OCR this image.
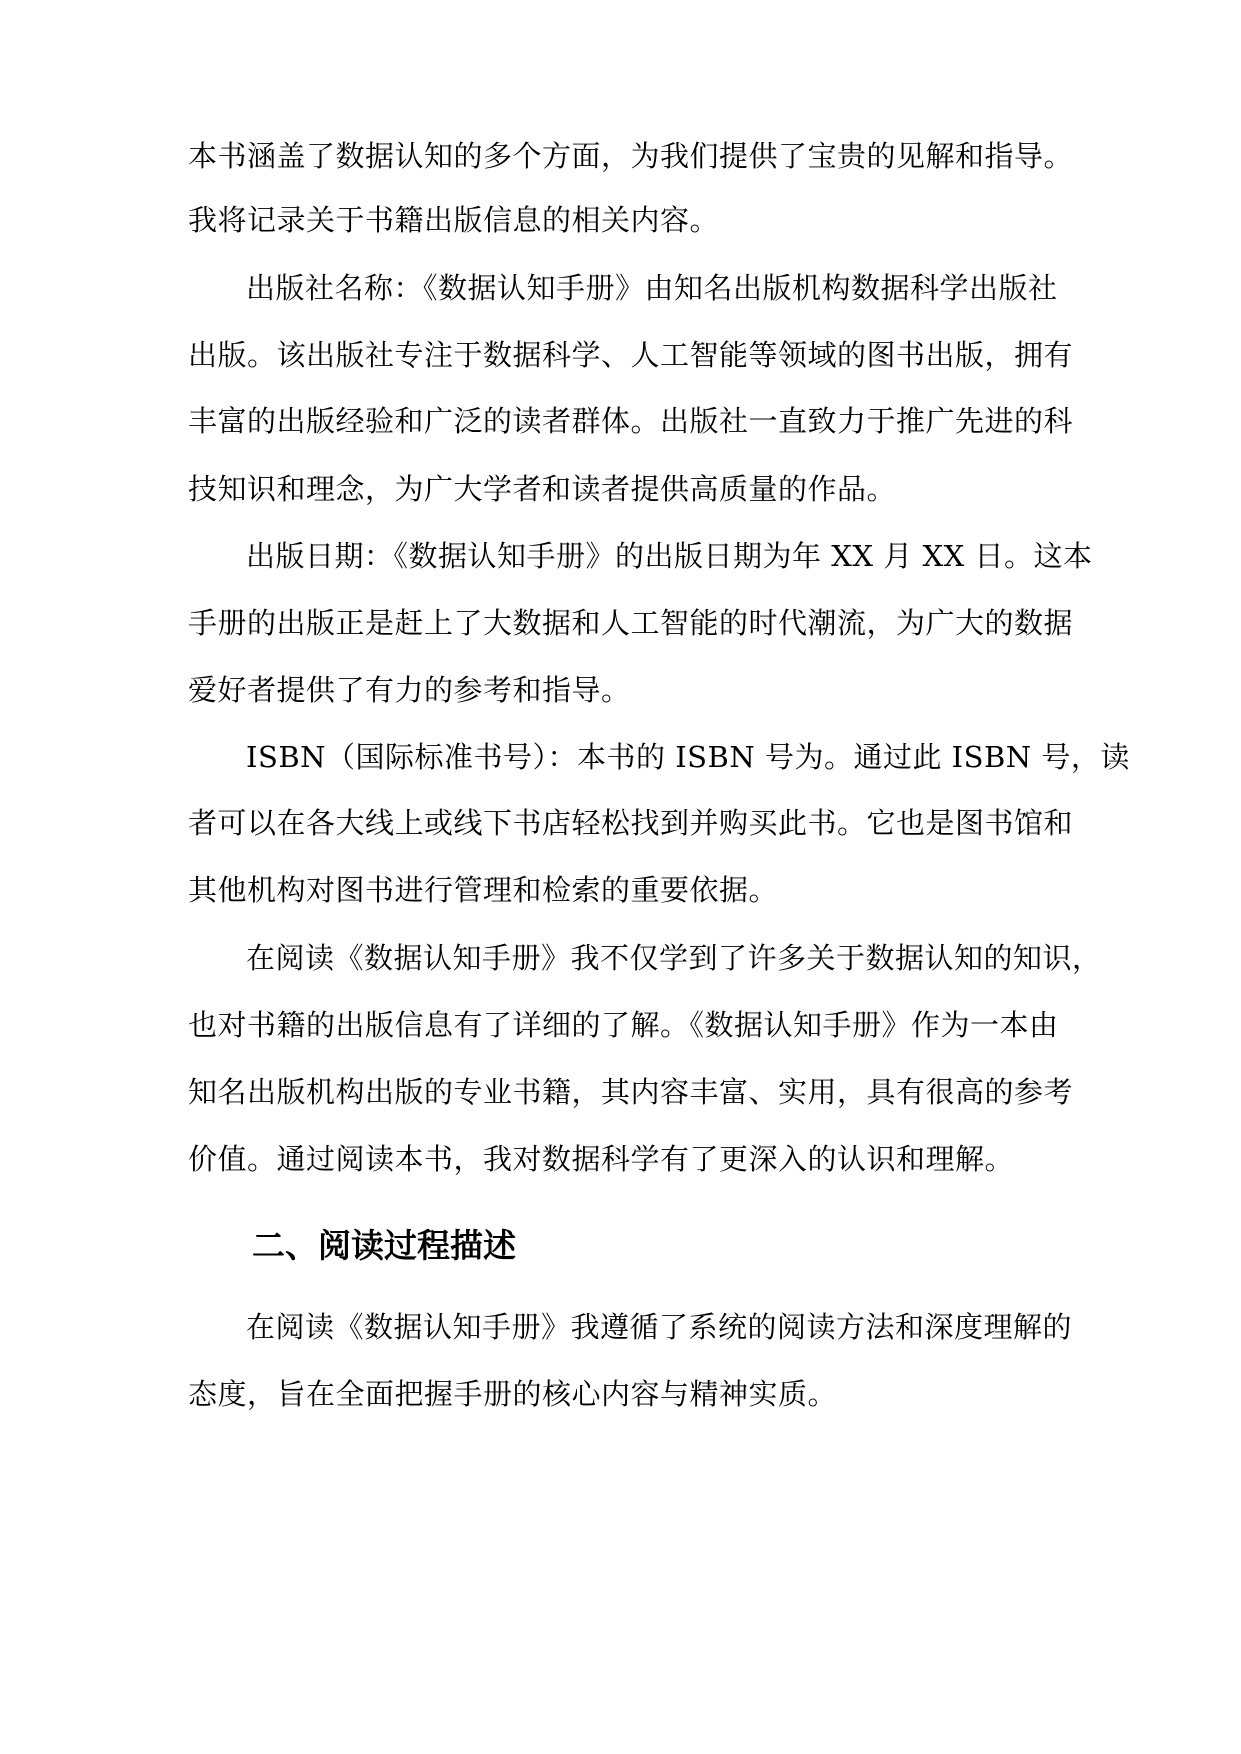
本书涵盖了数据认知的多个方面，为我们提供了宝贵的见解和指导。
我将记录关于书籍出版信息的相关内容。
出版社名称：《数据认知手册》由知名出版机构数据科学出版社
出版。该出版社专注于数据科学、人工智能等领域的图书出版，拥有
丰富的出版经验和广泛的读者群体。出版社一直致力于推广先进的科
技知识和理念，为广大学者和读者提供高质量的作品。
出版日期：《数据认知手册》的出版日期为年 XX 月 XX 日。这本
手册的出版正是赶上了大数据和人工智能的时代潮流，为广大的数据
爱好者提供了有力的参考和指导。
ISBN（国际标准书号）：本书的 ISBN 号为。通过此 ISBN 号，读
者可以在各大线上或线下书店轻松找到并购买此书。它也是图书馆和
其他机构对图书进行管理和检索的重要依据。
在阅读《数据认知手册》我不仅学到了许多关于数据认知的知识，
也对书籍的出版信息有了详细的了解。《数据认知手册》作为一本由
知名出版机构出版的专业书籍，其内容丰富、实用，具有很高的参考
价值。通过阅读本书，我对数据科学有了更深入的认识和理解。
二、阅读过程描述
在阅读《数据认知手册》我遵循了系统的阅读方法和深度理解的
态度，旨在全面把握手册的核心内容与精神实质。
